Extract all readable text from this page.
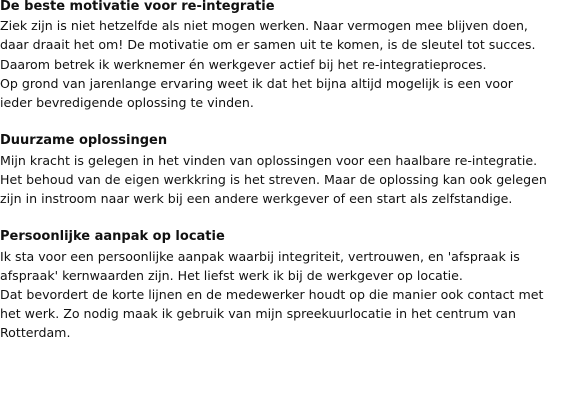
De beste motivatie voor re-integratie

Ziek zijn is niet hetzelfde als niet mogen werken. Naar vermogen mee blijven doen,

daar draait het om! De motivatie om er samen uit te komen, is de sleutel tot succes.

Daarom betrek ik werknemer én werkgever actief bij het re-integratieproces.

Op grond van jarenlange ervaring weet ik dat het bijna altijd mogelijk is een voor

ieder bevredigende oplossing te vinden.

Duurzame oplossingen

Mijn kracht is gelegen in het vinden van oplossingen voor een haalbare re-integratie.

Het behoud van de eigen werkkring is het streven. Maar de oplossing kan ook gelegen

zijn in instroom naar werk bij een andere werkgever of een start als zelfstandige.

Persoonlijke aanpak op locatie

Ik sta voor een persoonlijke aanpak waarbij integriteit, vertrouwen, en 'afspraak is

afspraak' kernwaarden zijn. Het liefst werk ik bij de werkgever op locatie.

Dat bevordert de korte lijnen en de medewerker houdt op die manier ook contact met

het werk. Zo nodig maak ik gebruik van mijn spreekuurlocatie in het centrum van

Rotterdam.
